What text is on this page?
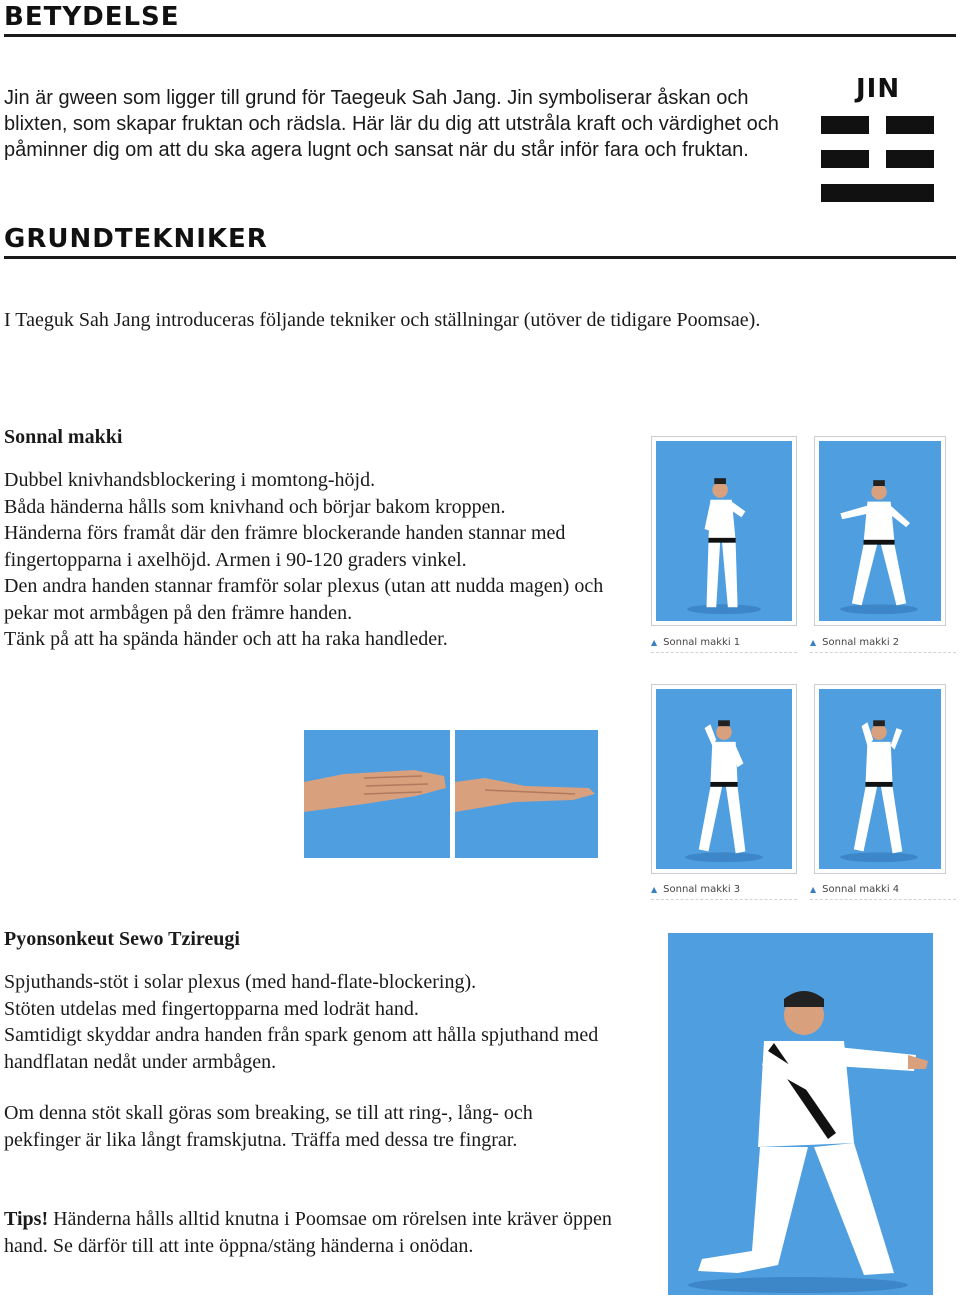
BETYDELSE

Jin är gween som ligger till grund för Taegeuk Sah Jang. Jin symboliserar åskan och blixten, som skapar fruktan och rädsla. Här lär du dig att utstråla kraft och värdighet och påminner dig om att du ska agera lugnt och sansat när du står inför fara och fruktan.

JIN
GRUNDTEKNIKER

I Taeguk Sah Jang introduceras följande tekniker och ställningar (utöver de tidigare Poomsae).

Sonnal makki
Dubbel knivhandsblockering i momtong-höjd.
Båda händerna hålls som knivhand och börjar bakom kroppen.
Händerna förs framåt där den främre blockerande handen stannar med fingertopparna i axelhöjd. Armen i 90-120 graders vinkel.
Den andra handen stannar framför solar plexus (utan att nudda magen) och pekar mot armbågen på den främre handen.
Tänk på att ha spända händer och att ha raka handleder.	▲ Sonnal makki 1	▲ Sonnal makki 2
▲ Sonnal makki 3	▲ Sonnal makki 4
Pyonsonkeut Sewo Tzireugi
Spjuthands-stöt i solar plexus (med hand-flate-blockering).
Stöten utdelas med fingertopparna med lodrät hand.
Samtidigt skyddar andra handen från spark genom att hålla spjuthand med handflatan nedåt under armbågen.

Om denna stöt skall göras som breaking, se till att ring-, lång- och pekfinger är lika långt framskjutna. Träffa med dessa tre fingrar.

Tips! Händerna hålls alltid knutna i Poomsae om rörelsen inte kräver öppen hand. Se därför till att inte öppna/stäng händerna i onödan.
